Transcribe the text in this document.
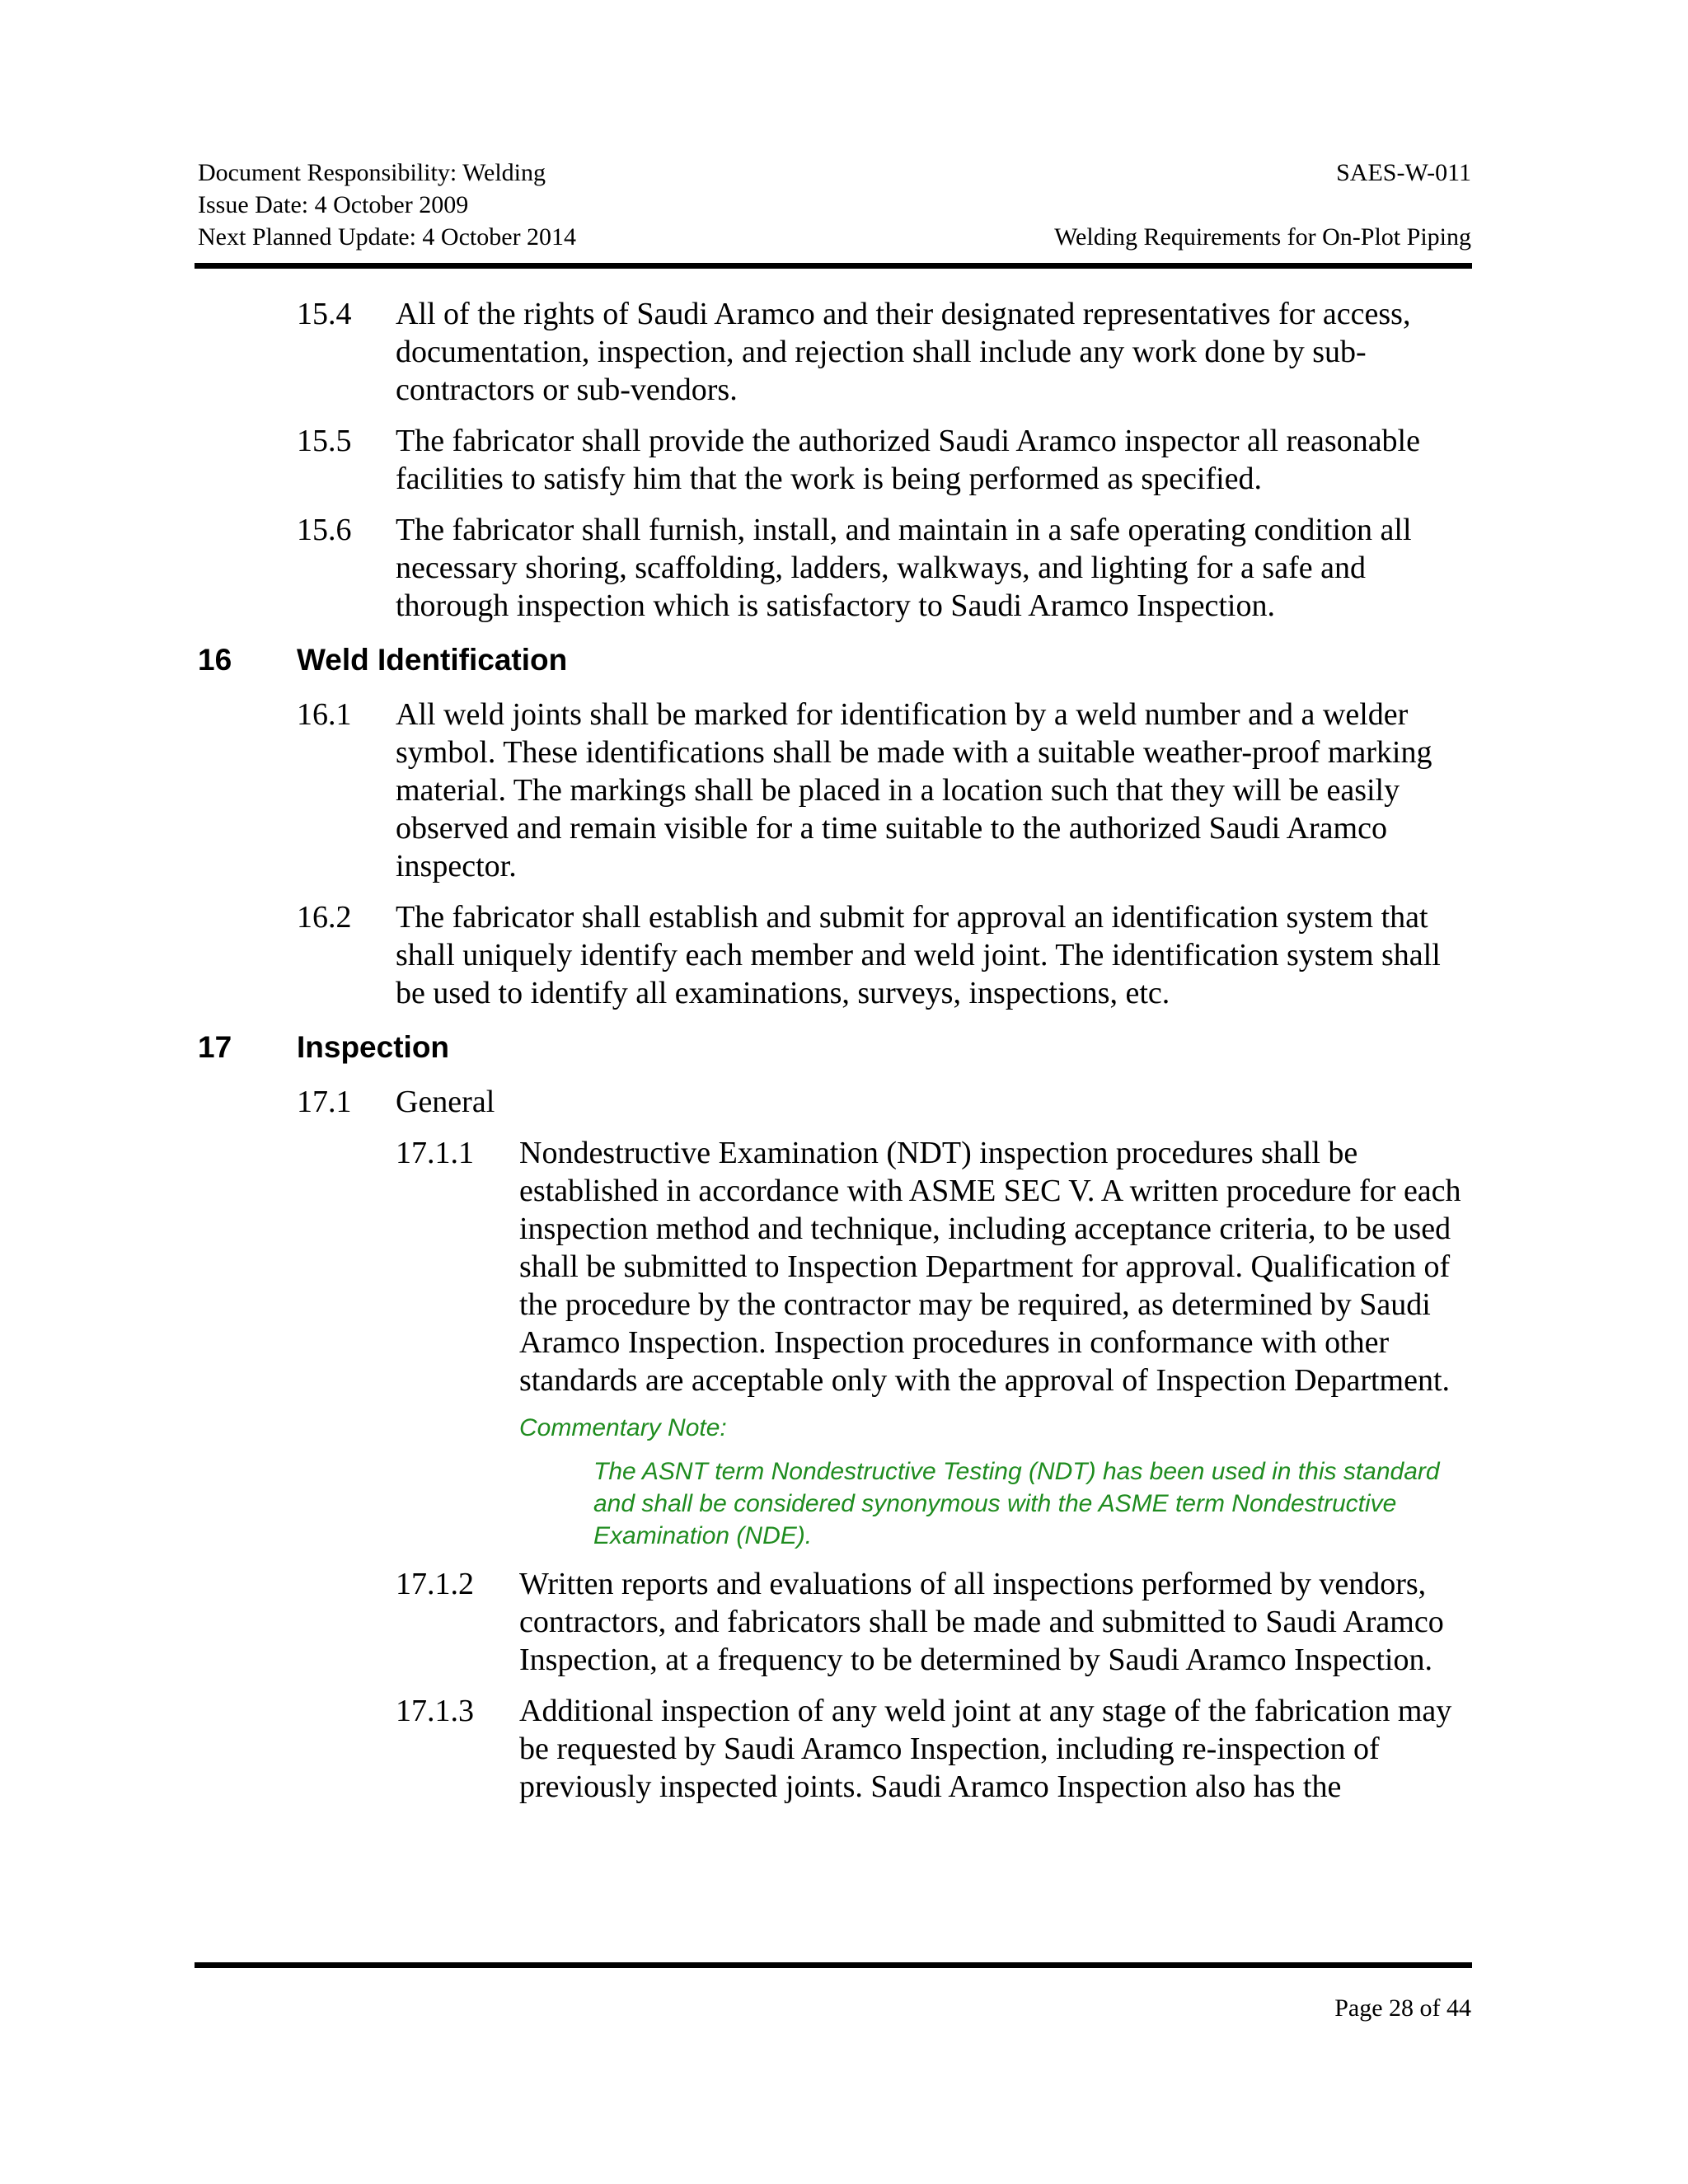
Document Responsibility: Welding	SAES-W-011
Issue Date: 4 October 2009
Next Planned Update: 4 October 2014	Welding Requirements for On-Plot Piping
15.4	All of the rights of Saudi Aramco and their designated representatives for access, documentation, inspection, and rejection shall include any work done by sub-contractors or sub-vendors.
15.5	The fabricator shall provide the authorized Saudi Aramco inspector all reasonable facilities to satisfy him that the work is being performed as specified.
15.6	The fabricator shall furnish, install, and maintain in a safe operating condition all necessary shoring, scaffolding, ladders, walkways, and lighting for a safe and thorough inspection which is satisfactory to Saudi Aramco Inspection.
16	Weld Identification
16.1	All weld joints shall be marked for identification by a weld number and a welder symbol. These identifications shall be made with a suitable weather-proof marking material. The markings shall be placed in a location such that they will be easily observed and remain visible for a time suitable to the authorized Saudi Aramco inspector.
16.2	The fabricator shall establish and submit for approval an identification system that shall uniquely identify each member and weld joint. The identification system shall be used to identify all examinations, surveys, inspections, etc.
17	Inspection
17.1	General
17.1.1	Nondestructive Examination (NDT) inspection procedures shall be established in accordance with ASME SEC V. A written procedure for each inspection method and technique, including acceptance criteria, to be used shall be submitted to Inspection Department for approval. Qualification of the procedure by the contractor may be required, as determined by Saudi Aramco Inspection. Inspection procedures in conformance with other standards are acceptable only with the approval of Inspection Department.
Commentary Note:
The ASNT term Nondestructive Testing (NDT) has been used in this standard and shall be considered synonymous with the ASME term Nondestructive Examination (NDE).
17.1.2	Written reports and evaluations of all inspections performed by vendors, contractors, and fabricators shall be made and submitted to Saudi Aramco Inspection, at a frequency to be determined by Saudi Aramco Inspection.
17.1.3	Additional inspection of any weld joint at any stage of the fabrication may be requested by Saudi Aramco Inspection, including re-inspection of previously inspected joints. Saudi Aramco Inspection also has the
Page 28 of 44
